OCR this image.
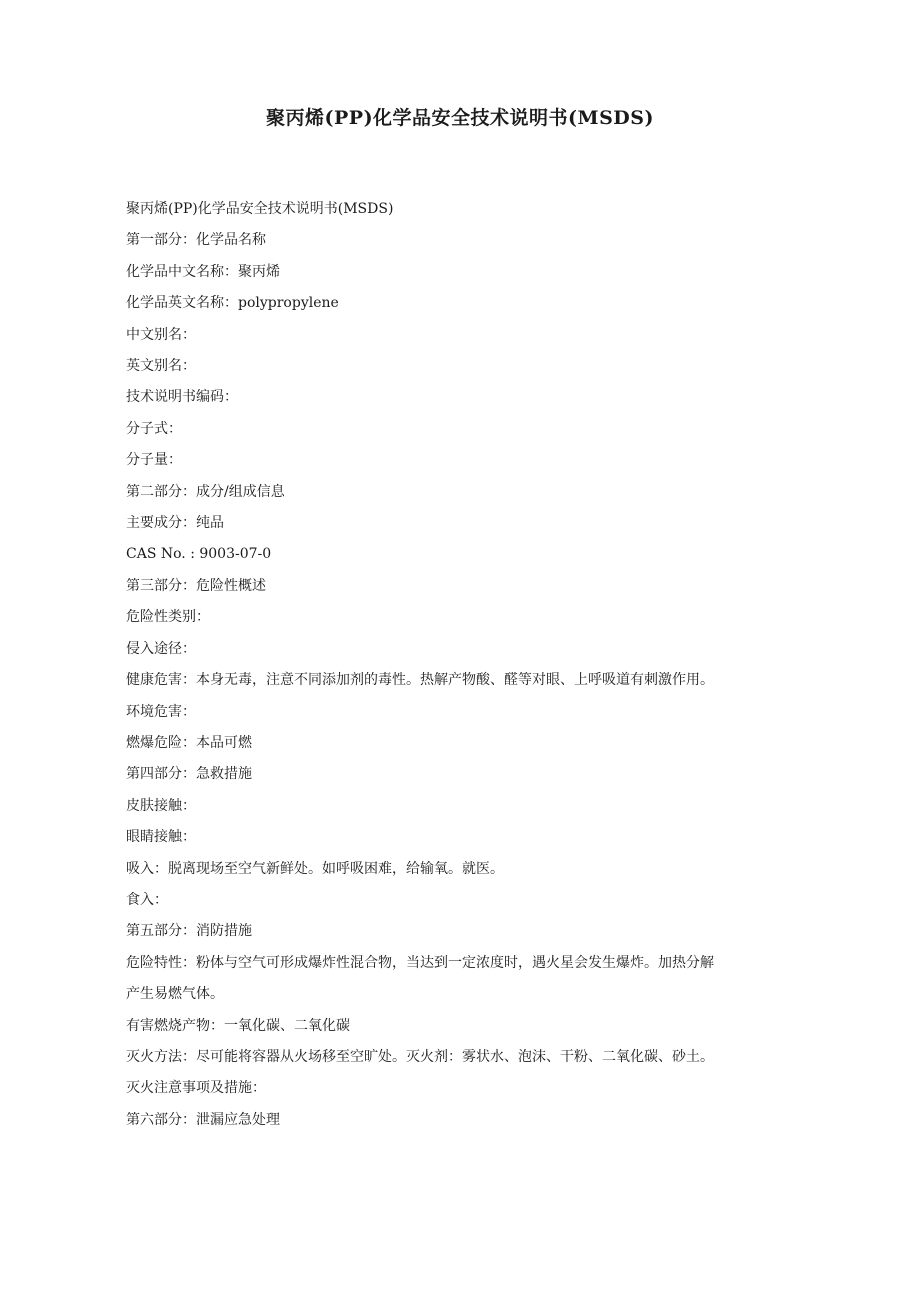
聚丙烯(PP)化学品安全技术说明书(MSDS)
聚丙烯(PP)化学品安全技术说明书(MSDS)
第一部分：化学品名称
化学品中文名称：聚丙烯
化学品英文名称：polypropylene
中文别名：
英文别名：
技术说明书编码：
分子式：
分子量：
第二部分：成分/组成信息
主要成分：纯品
CAS No. : 9003-07-0
第三部分：危险性概述
危险性类别：
侵入途径：
健康危害：本身无毒，注意不同添加剂的毒性。热解产物酸、醛等对眼、上呼吸道有刺激作用。
环境危害：
燃爆危险：本品可燃
第四部分：急救措施
皮肤接触：
眼睛接触：
吸入：脱离现场至空气新鲜处。如呼吸困难，给输氧。就医。
食入：
第五部分：消防措施
危险特性：粉体与空气可形成爆炸性混合物，当达到一定浓度时，遇火星会发生爆炸。加热分解
产生易燃气体。
有害燃烧产物：一氧化碳、二氧化碳
灭火方法：尽可能将容器从火场移至空旷处。灭火剂：雾状水、泡沫、干粉、二氧化碳、砂土。
灭火注意事项及措施：
第六部分：泄漏应急处理
